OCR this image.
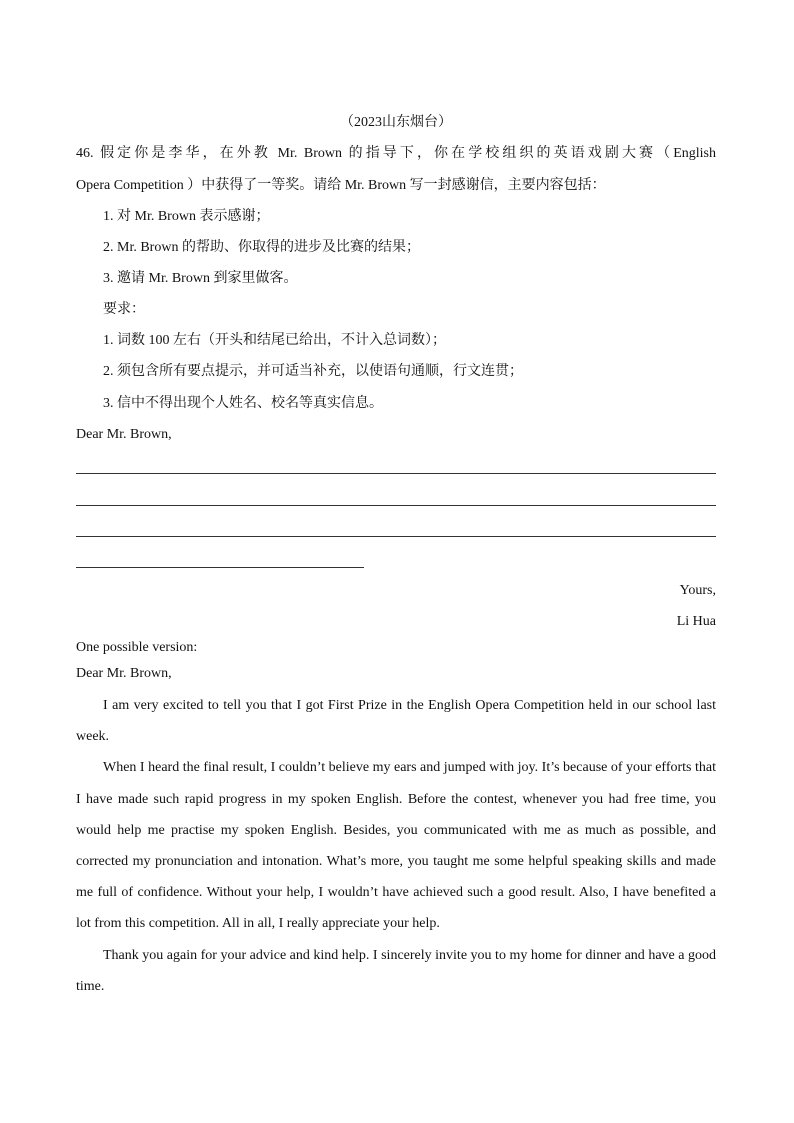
（2023山东烟台）
46. 假定你是李华，在外教 Mr. Brown 的指导下，你在学校组织的英语戏剧大赛（English
Opera Competition ）中获得了一等奖。请给 Mr. Brown 写一封感谢信，主要内容包括：
1. 对 Mr. Brown 表示感谢；
2. Mr. Brown 的帮助、你取得的进步及比赛的结果；
3. 邀请 Mr. Brown 到家里做客。
要求：
1. 词数 100 左右（开头和结尾已给出，不计入总词数）；
2. 须包含所有要点提示，并可适当补充，以使语句通顺，行文连贯；
3. 信中不得出现个人姓名、校名等真实信息。
Dear Mr. Brown,
Yours,
Li Hua
One possible version:
Dear Mr. Brown,

I am very excited to tell you that I got First Prize in the English Opera Competition held in our school last week.

When I heard the final result, I couldn’t believe my ears and jumped with joy. It’s because of your efforts that I have made such rapid progress in my spoken English. Before the contest, whenever you had free time, you would help me practise my spoken English. Besides, you communicated with me as much as possible, and corrected my pronunciation and intonation. What’s more, you taught me some helpful speaking skills and made me full of confidence. Without your help, I wouldn’t have achieved such a good result. Also, I have benefited a lot from this competition. All in all, I really appreciate your help.

Thank you again for your advice and kind help. I sincerely invite you to my home for dinner and have a good time.
